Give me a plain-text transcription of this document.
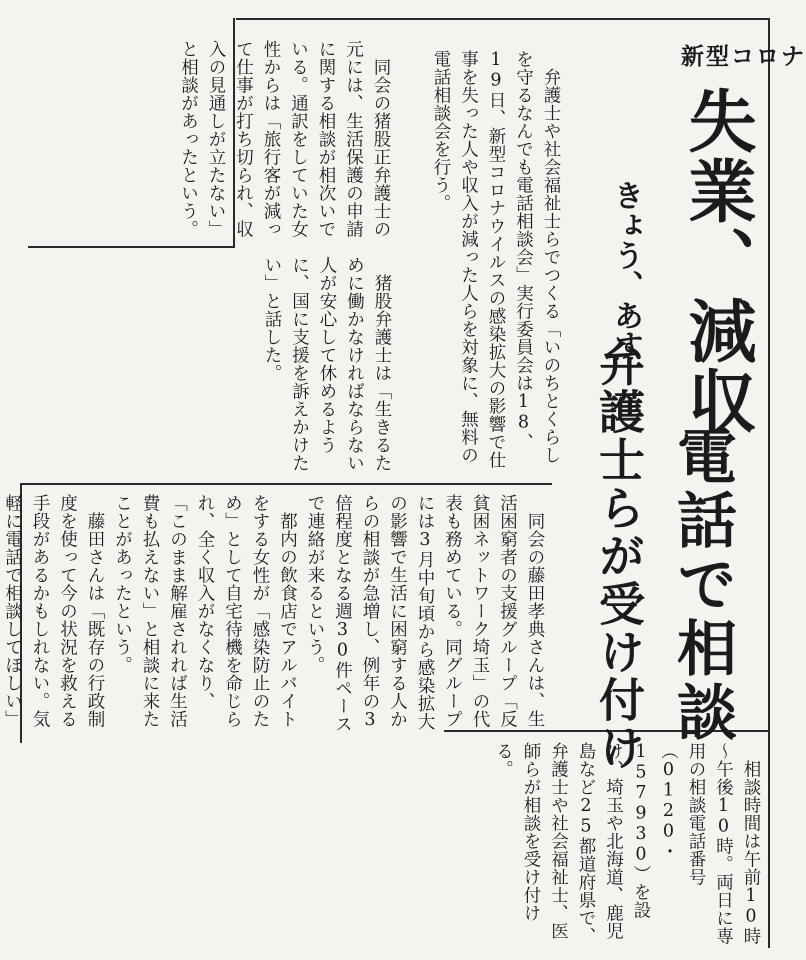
新型コロナ
失業、減収
電話で相談
きょう、あす
弁護士らが受け付け

弁護士や社会福祉士らでつくる「いのちとくらしを守るなんでも電話相談会」実行委員会は18、19日、新型コロナウイルスの感染拡大の影響で仕事を失った人や収入が減った人らを対象に、無料の電話相談会を行う。

同会の猪股正弁護士の元には、生活保護の申請に関する相談が相次いでいる。通訳をしていた女性からは「旅行客が減って仕事が打ち切られ、収入の見通しが立たない」と相談があったという。

猪股弁護士は「生きるために働かなければならない人が安心して休めるように、国に支援を訴えかけたい」と話した。

同会の藤田孝典さんは、生活困窮者の支援グループ「反貧困ネットワーク埼玉」の代表も務めている。同グループには3月中旬頃から感染拡大の影響で生活に困窮する人からの相談が急増し、例年の3倍程度となる週30件ペースで連絡が来るという。

都内の飲食店でアルバイトをする女性が「感染防止のため」として自宅待機を命じられ、全く収入がなくなり、「このまま解雇されれば生活費も払えない」と相談に来たことがあったという。

藤田さんは「既存の行政制度を使って今の状況を救える手段があるかもしれない。気軽に電話で相談してほしい」

相談時間は午前10時～午後10時。両日に専用の相談電話番号（0120・157930）を設け、埼玉や北海道、鹿児島など25都道府県で、弁護士や社会福祉士、医師らが相談を受け付ける。
